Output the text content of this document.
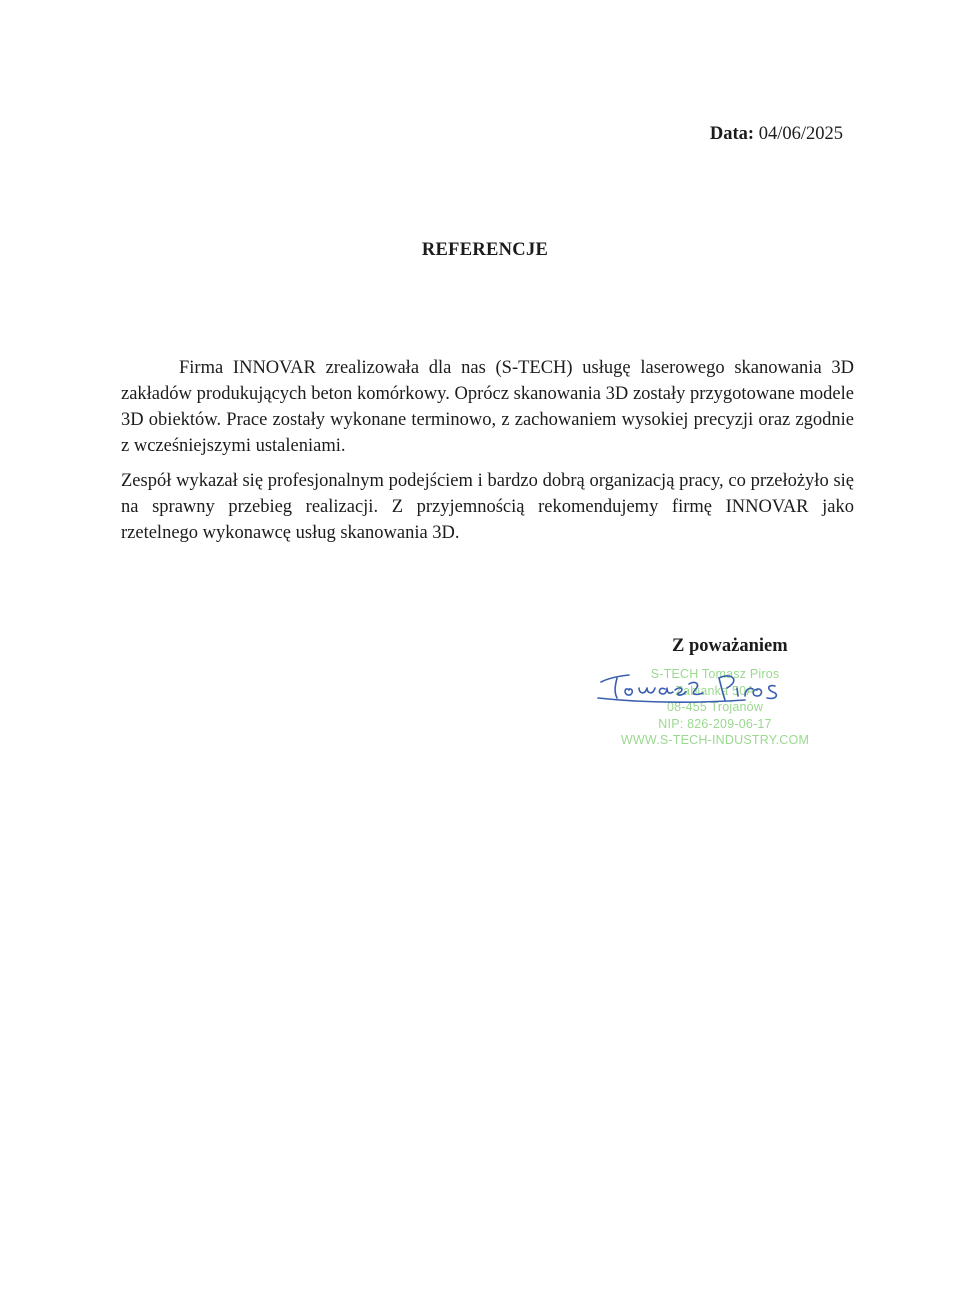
Data: 04/06/2025
REFERENCJE

Firma INNOVAR zrealizowała dla nas (S-TECH) usługę laserowego skanowania 3D zakładów produkujących beton komórkowy. Oprócz skanowania 3D zostały przygotowane modele 3D obiektów. Prace zostały wykonane terminowo, z zachowaniem wysokiej precyzji oraz zgodnie z wcześniejszymi ustaleniami.

Zespół wykazał się profesjonalnym podejściem i bardzo dobrą organizacją pracy, co przełożyło się na sprawny przebieg realizacji. Z przyjemnością rekomendujemy firmę INNOVAR jako rzetelnego wykonawcę usług skanowania 3D.

Z poważaniem
S-TECH Tomasz Piros
Zabianka 50A
08-455 Trojanów
NIP: 826-209-06-17
WWW.S-TECH-INDUSTRY.COM
